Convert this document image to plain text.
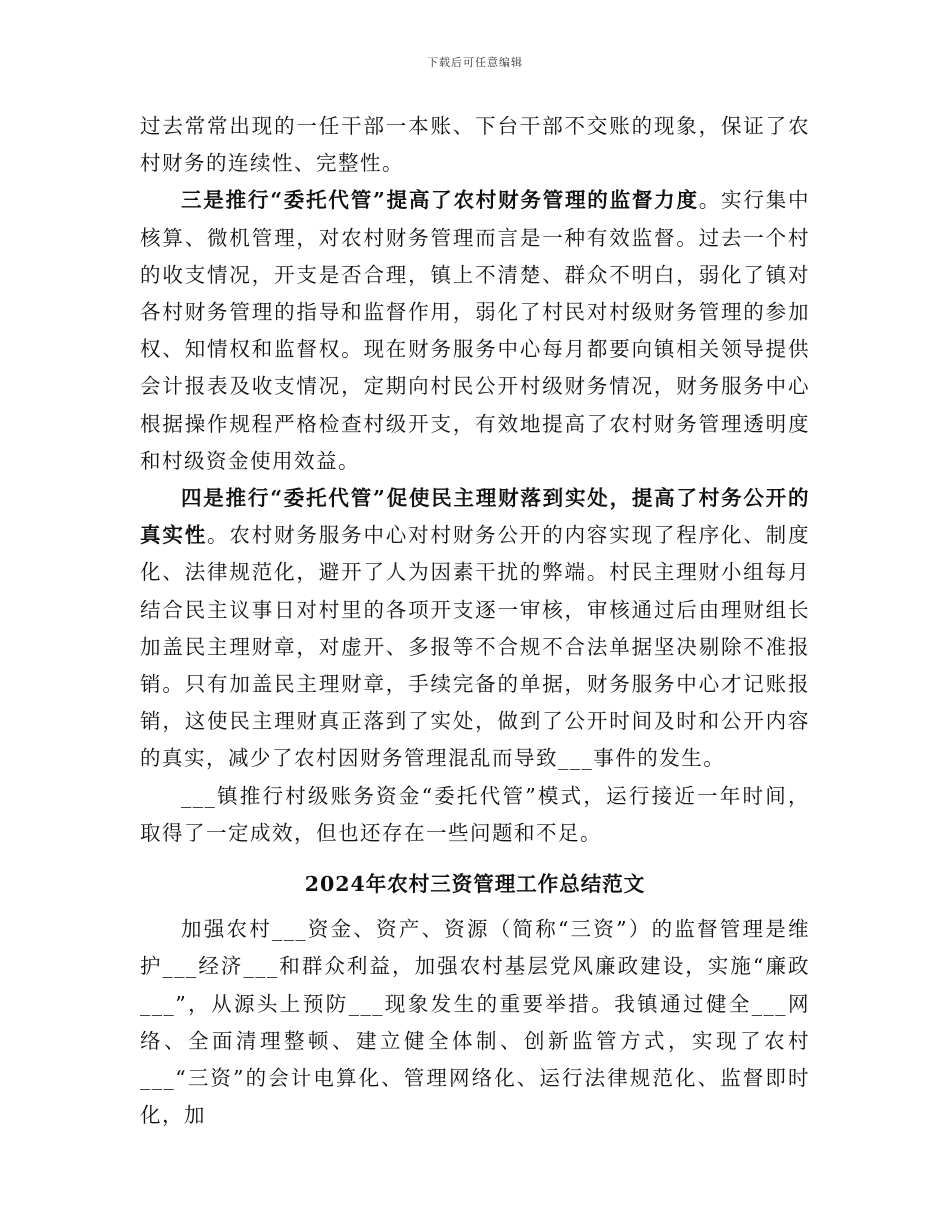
下载后可任意编辑

过去常常出现的一任干部一本账、下台干部不交账的现象，保证了农村财务的连续性、完整性。

三是推行“委托代管”提高了农村财务管理的监督力度。实行集中核算、微机管理，对农村财务管理而言是一种有效监督。过去一个村的收支情况，开支是否合理，镇上不清楚、群众不明白，弱化了镇对各村财务管理的指导和监督作用，弱化了村民对村级财务管理的参加权、知情权和监督权。现在财务服务中心每月都要向镇相关领导提供会计报表及收支情况，定期向村民公开村级财务情况，财务服务中心根据操作规程严格检查村级开支，有效地提高了农村财务管理透明度和村级资金使用效益。

四是推行“委托代管”促使民主理财落到实处，提高了村务公开的真实性。农村财务服务中心对村财务公开的内容实现了程序化、制度化、法律规范化，避开了人为因素干扰的弊端。村民主理财小组每月结合民主议事日对村里的各项开支逐一审核，审核通过后由理财组长加盖民主理财章，对虚开、多报等不合规不合法单据坚决剔除不准报销。只有加盖民主理财章，手续完备的单据，财务服务中心才记账报销，这使民主理财真正落到了实处，做到了公开时间及时和公开内容的真实，减少了农村因财务管理混乱而导致___事件的发生。

___镇推行村级账务资金“委托代管”模式，运行接近一年时间，取得了一定成效，但也还存在一些问题和不足。

2024年农村三资管理工作总结范文

加强农村___资金、资产、资源（简称“三资”）的监督管理是维护___经济___和群众利益，加强农村基层党风廉政建设，实施“廉政___”，从源头上预防___现象发生的重要举措。我镇通过健全___网络、全面清理整顿、建立健全体制、创新监管方式，实现了农村___“三资”的会计电算化、管理网络化、运行法律规范化、监督即时化，加
